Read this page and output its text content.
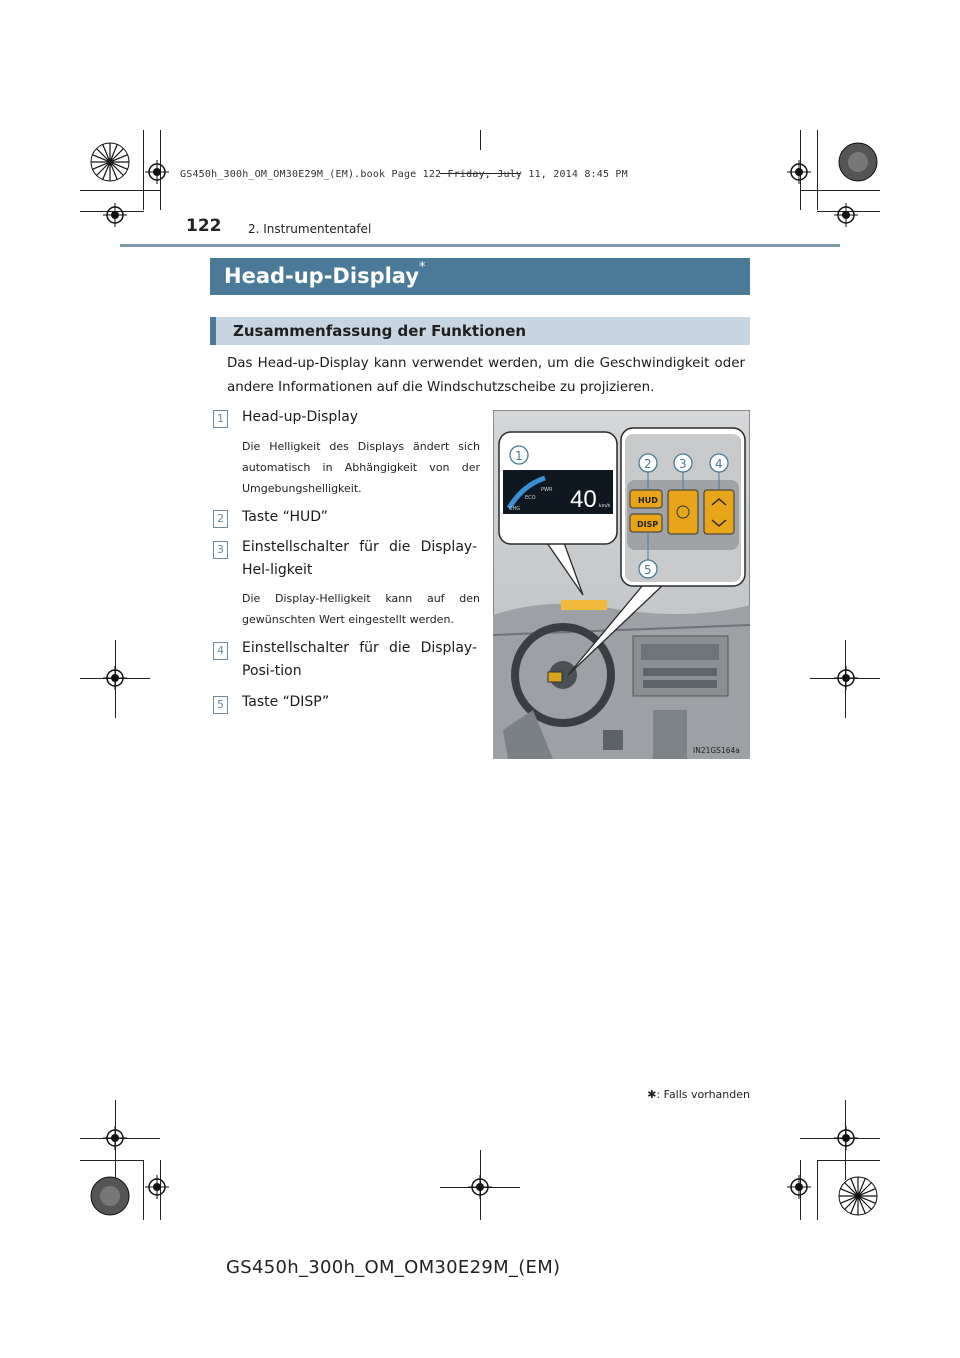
GS450h_300h_OM_OM30E29M_(EM).book Page 122 Friday, July 11, 2014 8:45 PM
122 2. Instrumententafel
Head-up-Display*
Zusammenfassung der Funktionen
Das Head-up-Display kann verwendet werden, um die Geschwindigkeit oder andere Informationen auf die Windschutzscheibe zu projizieren.
1 Head-up-Display
Die Helligkeit des Displays ändert sich automatisch in Abhängigkeit von der Umgebungshelligkeit.
2 Taste “HUD”
3 Einstellschalter für die Display-Hel-ligkeit
Die Display-Helligkeit kann auf den gewünschten Wert eingestellt werden.
4 Einstellschalter für die Display-Posi-tion
5 Taste “DISP”
PWR
ECO
CHG 40 km/h
1
HUD
DISP
2 3 4
5
IN21GS164a
✱: Falls vorhanden
GS450h_300h_OM_OM30E29M_(EM)
